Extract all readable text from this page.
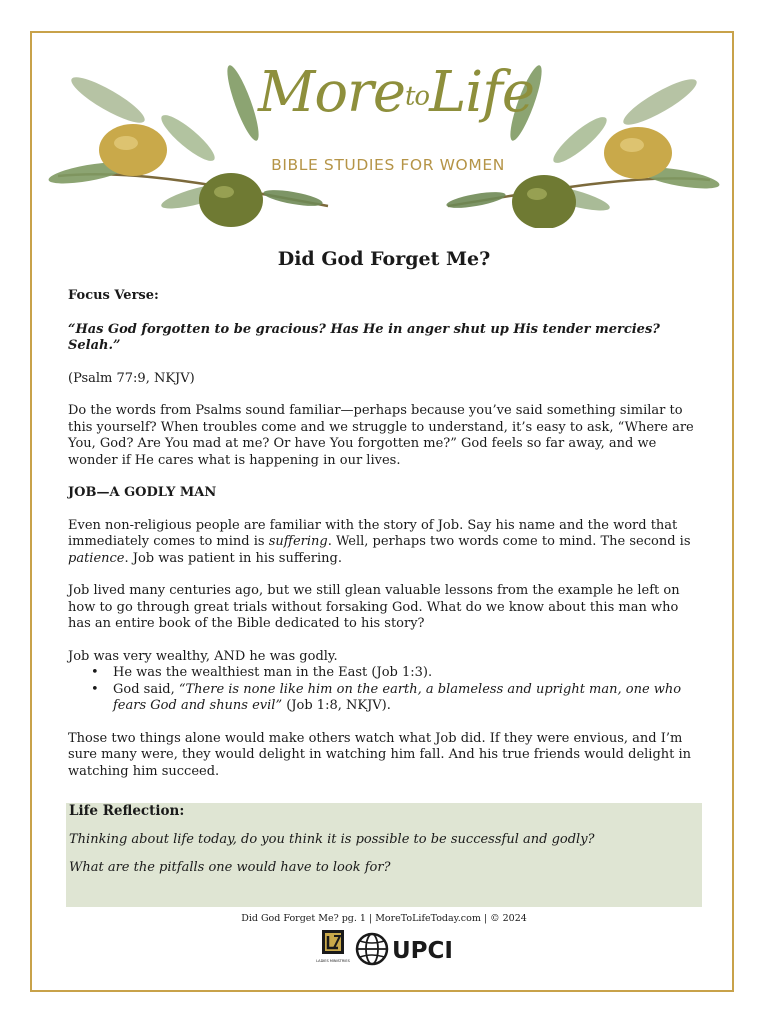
MoretoLife
BIBLE STUDIES FOR WOMEN
Did God Forget Me?

Focus Verse:

“Has God forgotten to be gracious? Has He in anger shut up His tender mercies? Selah.”

(Psalm 77:9, NKJV)

Do the words from Psalms sound familiar—perhaps because you’ve said something similar to this yourself? When troubles come and we struggle to understand, it’s easy to ask, “Where are You, God? Are You mad at me? Or have You forgotten me?” God feels so far away, and we wonder if He cares what is happening in our lives.

JOB—A GODLY MAN

Even non-religious people are familiar with the story of Job. Say his name and the word that immediately comes to mind is suffering. Well, perhaps two words come to mind. The second is patience. Job was patient in his suffering.

Job lived many centuries ago, but we still glean valuable lessons from the example he left on how to go through great trials without forsaking God. What do we know about this man who has an entire book of the Bible dedicated to his story?

Job was very wealthy, AND he was godly.

• He was the wealthiest man in the East (Job 1:3).
• God said, “There is none like him on the earth, a blameless and upright man, one who fears God and shuns evil” (Job 1:8, NKJV).

Those two things alone would make others watch what Job did. If they were envious, and I’m sure many were, they would delight in watching him fall. And his true friends would delight in watching him succeed.

Life Reflection:
Thinking about life today, do you think it is possible to be successful and godly?
What are the pitfalls one would have to look for?
Did God Forget Me? pg. 1 | MoreToLifeToday.com | © 2024
LADIES MINISTRIES UPCI
